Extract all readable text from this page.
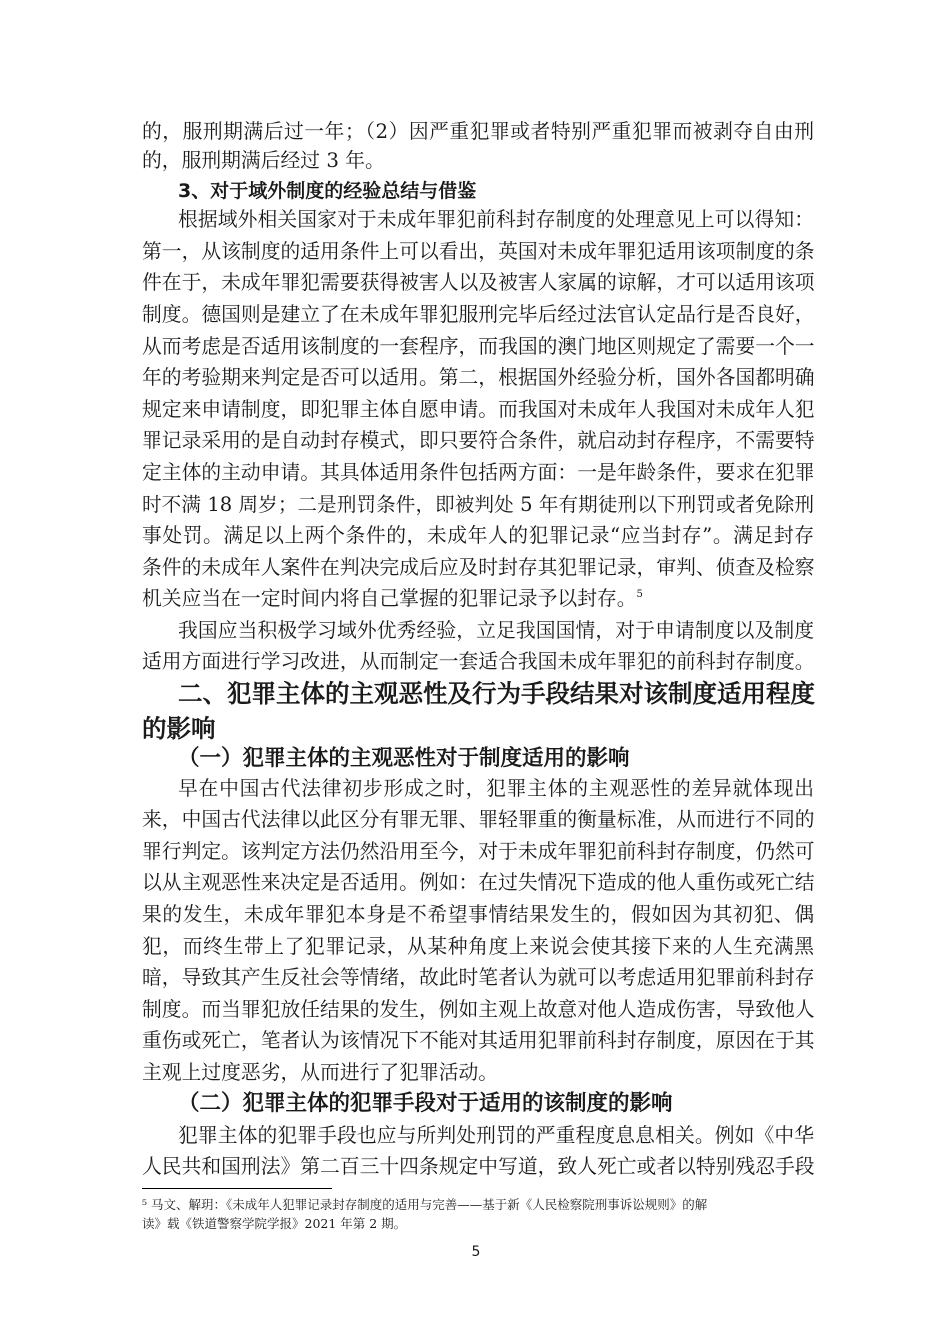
的，服刑期满后过一年；（2）因严重犯罪或者特别严重犯罪而被剥夺自由刑
的，服刑期满后经过 3 年。
3、对于域外制度的经验总结与借鉴
根据域外相关国家对于未成年罪犯前科封存制度的处理意见上可以得知：
第一，从该制度的适用条件上可以看出，英国对未成年罪犯适用该项制度的条
件在于，未成年罪犯需要获得被害人以及被害人家属的谅解，才可以适用该项
制度。德国则是建立了在未成年罪犯服刑完毕后经过法官认定品行是否良好，
从而考虑是否适用该制度的一套程序，而我国的澳门地区则规定了需要一个一
年的考验期来判定是否可以适用。第二，根据国外经验分析，国外各国都明确
规定来申请制度，即犯罪主体自愿申请。而我国对未成年人我国对未成年人犯
罪记录采用的是自动封存模式，即只要符合条件，就启动封存程序，不需要特
定主体的主动申请。其具体适用条件包括两方面：一是年龄条件，要求在犯罪
时不满 18 周岁；二是刑罚条件，即被判处 5 年有期徒刑以下刑罚或者免除刑
事处罚。满足以上两个条件的，未成年人的犯罪记录“应当封存”。满足封存
条件的未成年人案件在判决完成后应及时封存其犯罪记录，审判、侦查及检察
机关应当在一定时间内将自己掌握的犯罪记录予以封存。$^5$
我国应当积极学习域外优秀经验，立足我国国情，对于申请制度以及制度
适用方面进行学习改进，从而制定一套适合我国未成年罪犯的前科封存制度。
二、犯罪主体的主观恶性及行为手段结果对该制度适用程度
的影响
（一）犯罪主体的主观恶性对于制度适用的影响
早在中国古代法律初步形成之时，犯罪主体的主观恶性的差异就体现出
来，中国古代法律以此区分有罪无罪、罪轻罪重的衡量标准，从而进行不同的
罪行判定。该判定方法仍然沿用至今，对于未成年罪犯前科封存制度，仍然可
以从主观恶性来决定是否适用。例如：在过失情况下造成的他人重伤或死亡结
果的发生，未成年罪犯本身是不希望事情结果发生的，假如因为其初犯、偶
犯，而终生带上了犯罪记录，从某种角度上来说会使其接下来的人生充满黑
暗，导致其产生反社会等情绪，故此时笔者认为就可以考虑适用犯罪前科封存
制度。而当罪犯放任结果的发生，例如主观上故意对他人造成伤害，导致他人
重伤或死亡，笔者认为该情况下不能对其适用犯罪前科封存制度，原因在于其
主观上过度恶劣，从而进行了犯罪活动。
（二）犯罪主体的犯罪手段对于适用的该制度的影响
犯罪主体的犯罪手段也应与所判处刑罚的严重程度息息相关。例如《中华
人民共和国刑法》第二百三十四条规定中写道，致人死亡或者以特别残忍手段
⁵ 马文、解玥：《未成年人犯罪记录封存制度的适用与完善——基于新《人民检察院刑事诉讼规则》的解
读》载《铁道警察学院学报》2021 年第 2 期。
5
